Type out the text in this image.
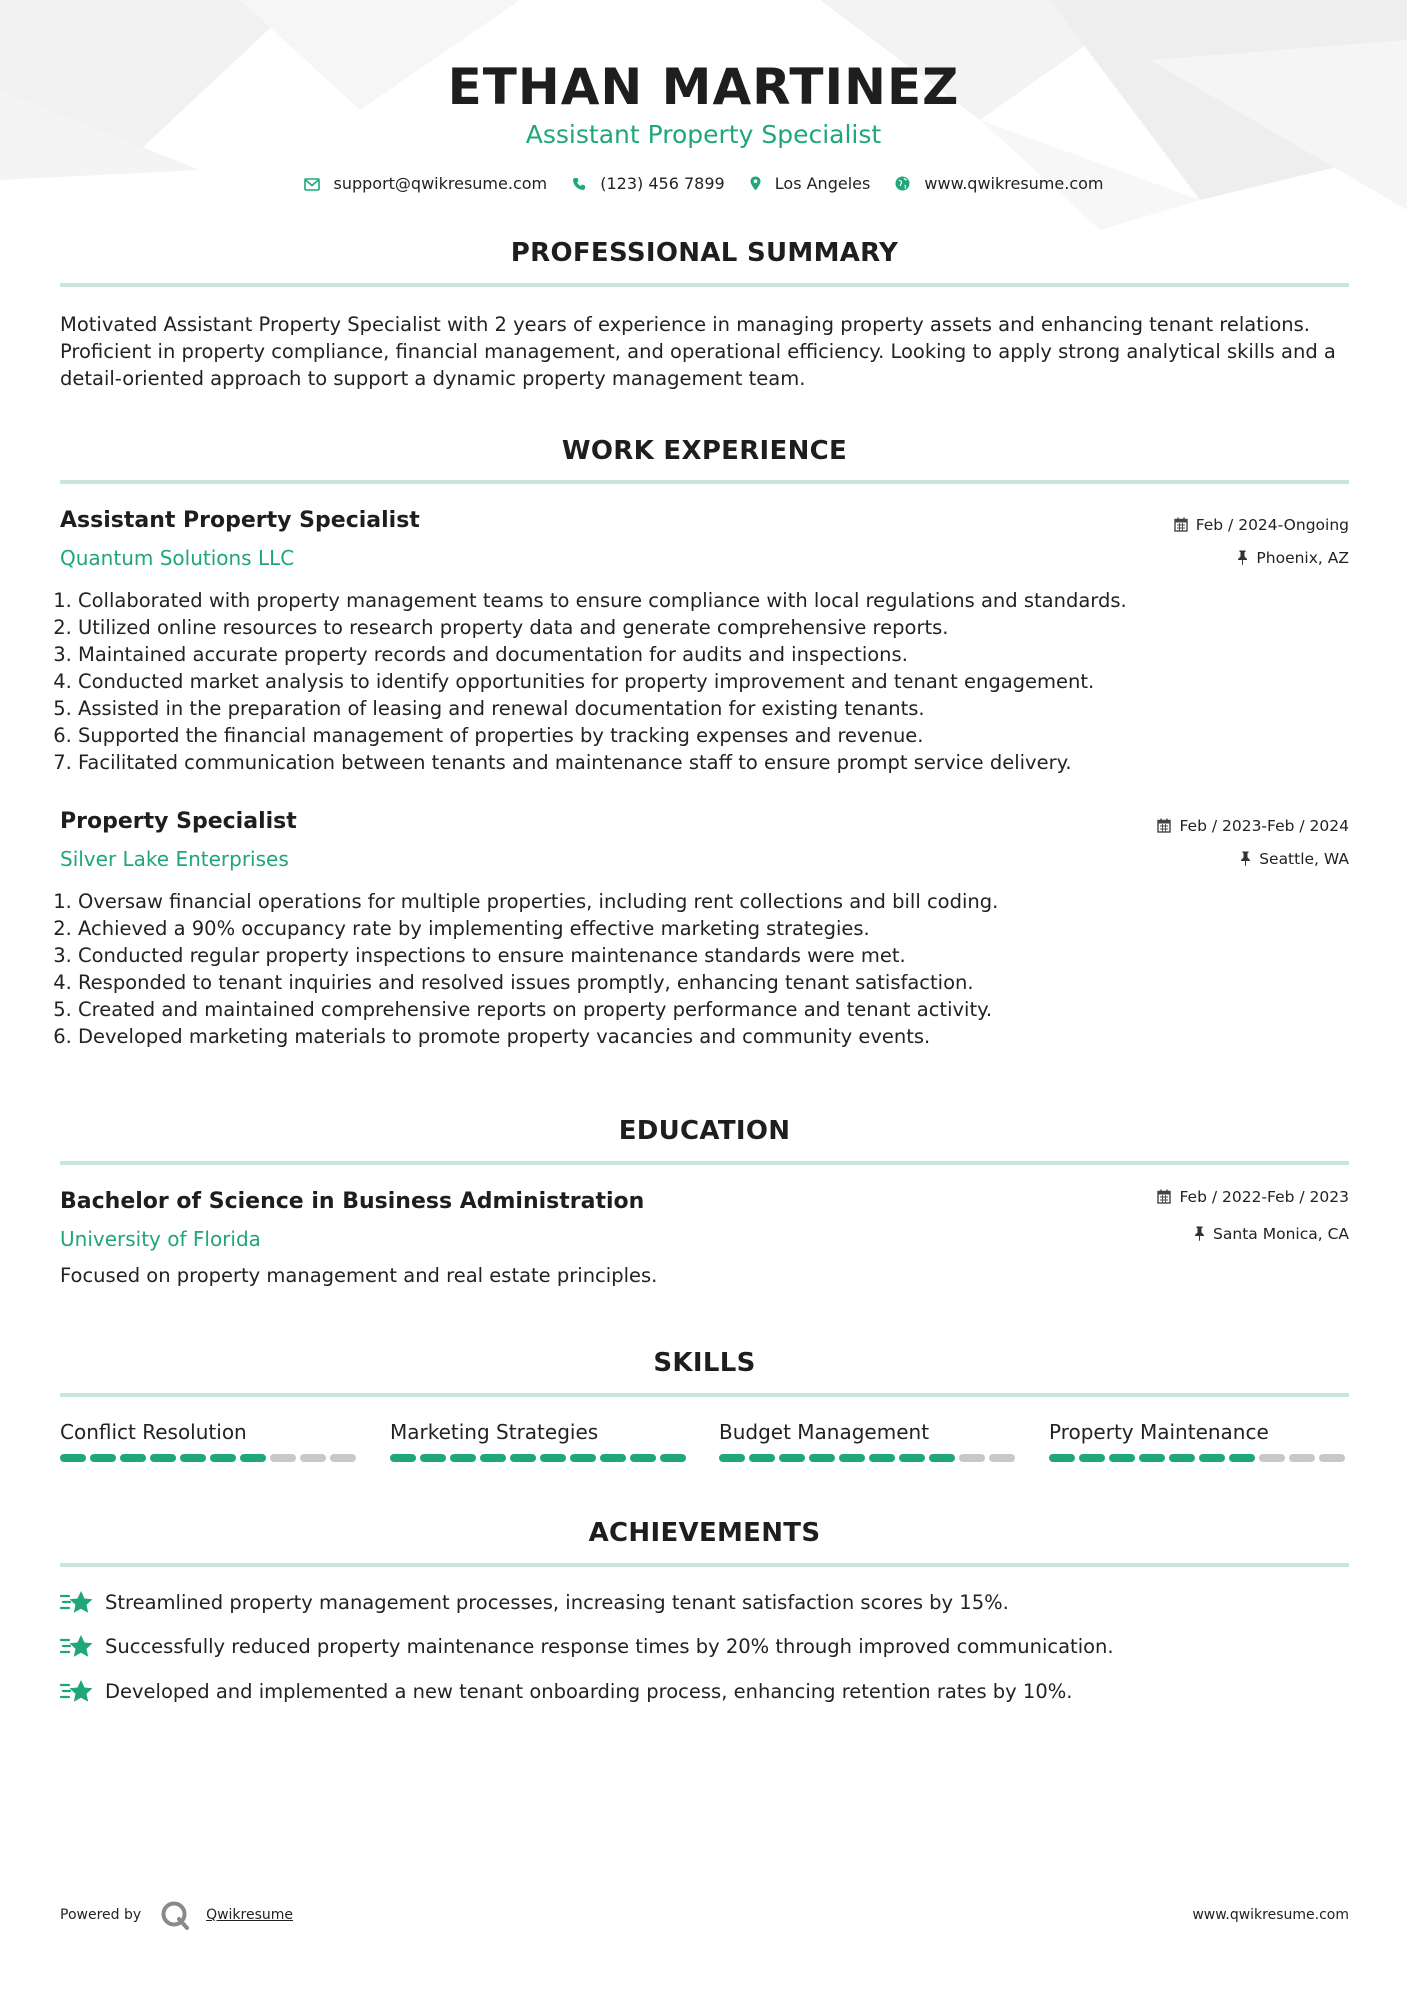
ETHAN MARTINEZ
Assistant Property Specialist
support@qwikresume.com	(123) 456 7899	Los Angeles	www.qwikresume.com
PROFESSIONAL SUMMARY
Motivated Assistant Property Specialist with 2 years of experience in managing property assets and enhancing tenant relations. Proficient in property compliance, financial management, and operational efficiency. Looking to apply strong analytical skills and a detail-oriented approach to support a dynamic property management team.
WORK EXPERIENCE
Assistant Property Specialist	Feb / 2024-Ongoing
Quantum Solutions LLC	Phoenix, AZ
1. Collaborated with property management teams to ensure compliance with local regulations and standards.
2. Utilized online resources to research property data and generate comprehensive reports.
3. Maintained accurate property records and documentation for audits and inspections.
4. Conducted market analysis to identify opportunities for property improvement and tenant engagement.
5. Assisted in the preparation of leasing and renewal documentation for existing tenants.
6. Supported the financial management of properties by tracking expenses and revenue.
7. Facilitated communication between tenants and maintenance staff to ensure prompt service delivery.
Property Specialist	Feb / 2023-Feb / 2024
Silver Lake Enterprises	Seattle, WA
1. Oversaw financial operations for multiple properties, including rent collections and bill coding.
2. Achieved a 90% occupancy rate by implementing effective marketing strategies.
3. Conducted regular property inspections to ensure maintenance standards were met.
4. Responded to tenant inquiries and resolved issues promptly, enhancing tenant satisfaction.
5. Created and maintained comprehensive reports on property performance and tenant activity.
6. Developed marketing materials to promote property vacancies and community events.
EDUCATION
Bachelor of Science in Business Administration	Feb / 2022-Feb / 2023
University of Florida	Santa Monica, CA
Focused on property management and real estate principles.
SKILLS
Conflict Resolution	Marketing Strategies	Budget Management	Property Maintenance
ACHIEVEMENTS
Streamlined property management processes, increasing tenant satisfaction scores by 15%.
Successfully reduced property maintenance response times by 20% through improved communication.
Developed and implemented a new tenant onboarding process, enhancing retention rates by 10%.
Powered by	Qwikresume	www.qwikresume.com
